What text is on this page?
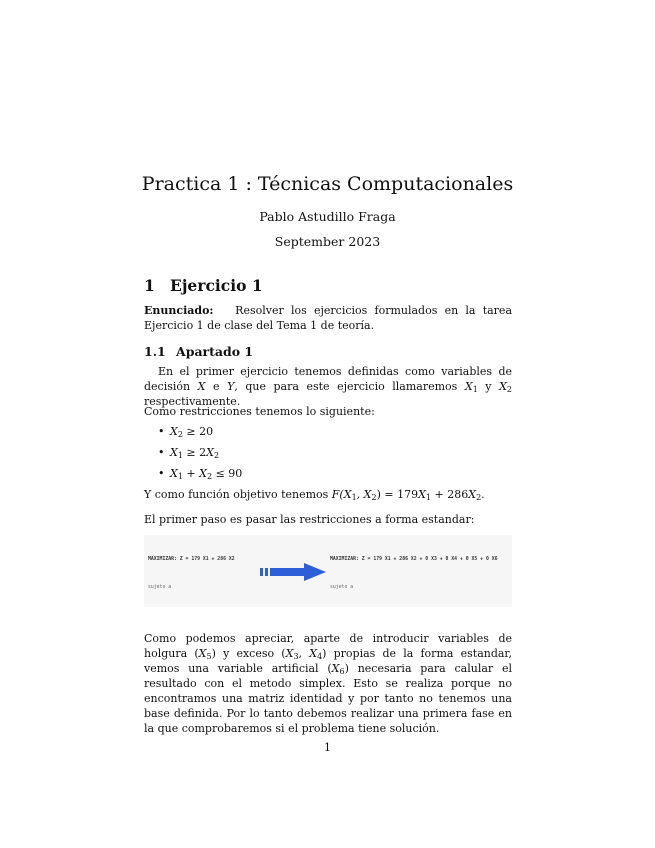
Practica 1 : Técnicas Computacionales
Pablo Astudillo Fraga
September 2023
1 Ejercicio 1
Enunciado: Resolver los ejercicios formulados en la tarea Ejercicio 1 de clase del Tema 1 de teoría.
1.1 Apartado 1
En el primer ejercicio tenemos definidas como variables de decisión X e Y, que para este ejercicio llamaremos $X_1$ y $X_2$ respectivamente.
Como restricciones tenemos lo siguiente:
• $X_2 \ge 20$
• $X_1 \ge 2X_2$
• $X_1 + X_2 \le 90$
Y como función objetivo tenemos $F(X_1$, $X_2) = 179X_1 + 286X_2$.
El primer paso es pasar las restricciones a forma estandar:

MAXIMIZAR: Z = 179 X1 + 286 X2

sujeto a

MAXIMIZAR: Z = 179 X1 + 286 X2 + 0 X3 + 0 X4 + 0 X5 + 0 X6

sujeto a

Como podemos apreciar, aparte de introducir variables de holgura $(X_5)$ y exceso ($X_3$, $X_4$) propias de la forma estandar, vemos una variable artificial $(X_6)$ necesaria para calular el resultado con el metodo simplex. Esto se realiza porque no encontramos una matriz identidad y por tanto no tenemos una base definida. Por lo tanto debemos realizar una primera fase en la que comprobaremos si el problema tiene solución.
1
